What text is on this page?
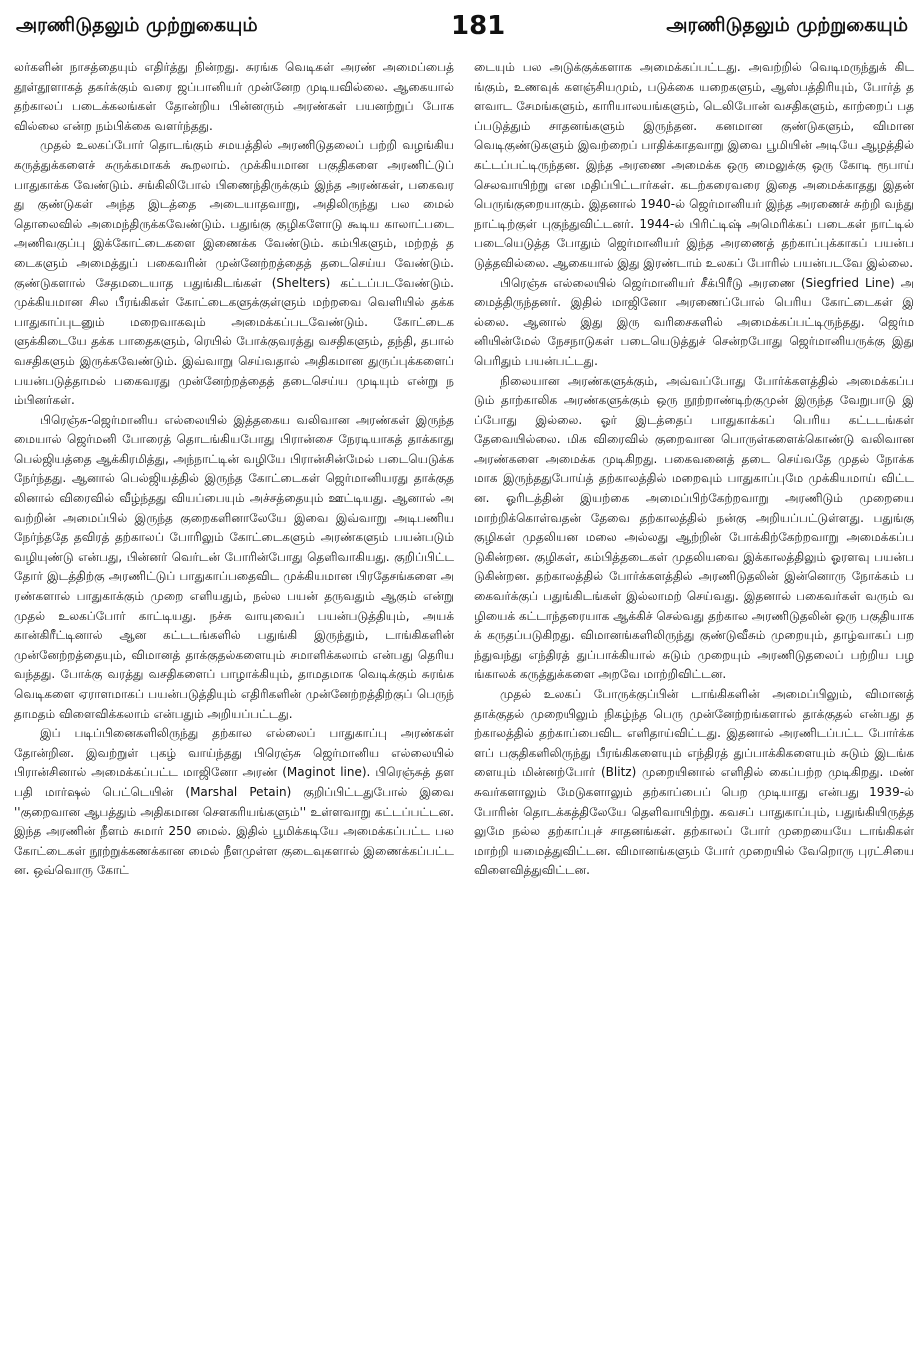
அரணிடுதலும் முற்றுகையும்	181	அரணிடுதலும் முற்றுகையும்

லர்களின் நாசத்தையும் எதிர்த்து நின்றது. சுரங்க வெடிகள் அரண் அமைப்பைத் தூள்தூளாகத் தகர்க்கும் வரை ஜப்பானியர் முன்னேற முடியவில்லை. ஆகையால் தற்காலப் படைக்கலங்கள் தோன்றிய பின்னரும் அரண்கள் பயனற்றுப் போகவில்லை என்ற நம்பிக்கை வளர்ந்தது.

முதல் உலகப்போர் தொடங்கும் சமயத்தில் அரணிடுதலைப் பற்றி வழங்கிய கருத்துக்களைச் சுருக்கமாகக் கூறலாம். முக்கியமான பகுதிகளை அரணிட்டுப் பாதுகாக்க வேண்டும். சங்கிலிபோல் பிணைந்திருக்கும் இந்த அரண்கள், பகைவரது குண்டுகள் அந்த இடத்தை அடையாதவாறு, அதிலிருந்து பல மைல் தொலைவில் அமைந்திருக்கவேண்டும். பதுங்கு குழிகளோடு கூடிய காலாட்படை அணிவகுப்பு இக்கோட்டைகளை இணைக்க வேண்டும். கம்பிகளும், மற்றத் தடைகளும் அமைத்துப் பகைவரின் முன்னேற்றத்தைத் தடைசெய்ய வேண்டும். குண்டுகளால் சேதமடையாத பதுங்கிடங்கள் (Shelters) கட்டப்படவேண்டும். முக்கியமான சில பீரங்கிகள் கோட்டைகளுக்குள்ளும் மற்றவை வெளியில் தக்க பாதுகாப்புடனும் மறைவாகவும் அமைக்கப்படவேண்டும். கோட்டைகளுக்கிடையே தக்க பாதைகளும், ரெயில் போக்குவரத்து வசதிகளும், தந்தி, தபால் வசதிகளும் இருக்கவேண்டும். இவ்வாறு செய்வதால் அதிகமான துருப்புக்களைப் பயன்படுத்தாமல் பகைவரது முன்னேற்றத்தைத் தடைசெய்ய முடியும் என்று நம்பினர்கள்.

பிரெஞ்சு-ஜெர்மானிய எல்லையில் இத்தகைய வலிவான அரண்கள் இருந்தமையால் ஜெர்மனி போரைத் தொடங்கியபோது பிரான்சை நேரடியாகத் தாக்காது பெல்ஜியத்தை ஆக்கிரமித்து, அந்நாட்டின் வழியே பிரான்சின்மேல் படையெடுக்க நேர்ந்தது. ஆனால் பெல்ஜியத்தில் இருந்த கோட்டைகள் ஜெர்மானியரது தாக்குதலினால் விரைவில் வீழ்ந்தது வியப்பையும் அச்சத்தையும் ஊட்டியது. ஆனால் அவற்றின் அமைப்பில் இருந்த குறைகளினாலேயே இவை இவ்வாறு அடிபணிய நேர்ந்ததே தவிரத் தற்காலப் போரிலும் கோட்டைகளும் அரண்களும் பயன்படும் வழியுண்டு என்பது, பின்னர் வெர்டன் போரின்போது தெளிவாகியது. குறிப்பிட்டதோர் இடத்திற்கு அரணிட்டுப் பாதுகாப்பதைவிட முக்கியமான பிரதேசங்களை அரண்களால் பாதுகாக்கும் முறை எளியதும், நல்ல பயன் தருவதும் ஆகும் என்று முதல் உலகப்போர் காட்டியது. நச்சு வாயுவைப் பயன்படுத்தியும், அயக் கான்கிரீட்டினால் ஆன கட்டடங்களில் பதுங்கி இருந்தும், டாங்கிகளின் முன்னேற்றத்தையும், விமானத் தாக்குதல்களையும் சமாளிக்கலாம் என்பது தெரியவந்தது. போக்கு வரத்து வசதிகளைப் பாழாக்கியும், தாமதமாக வெடிக்கும் சுரங்க வெடிகளை ஏராளமாகப் பயன்படுத்தியும் எதிரிகளின் முன்னேற்றத்திற்குப் பெருந் தாமதம் விளைவிக்கலாம் என்பதும் அறியப்பட்டது.

இப் படிப்பினைகளிலிருந்து தற்கால எல்லைப் பாதுகாப்பு அரண்கள் தோன்றின. இவற்றுள் புகழ் வாய்ந்தது பிரெஞ்சு ஜெர்மானிய எல்லையில் பிரான்சினால் அமைக்கப்பட்ட மாஜினோ அரண் (Maginot line). பிரெஞ்சுத் தளபதி மார்ஷல் பெட்டெயின் (Marshal Petain) குறிப்பிட்டதுபோல் இவை ''குறைவான ஆபத்தும் அதிகமான சௌகரியங்களும்'' உள்ளவாறு கட்டப்பட்டன. இந்த அரணின் நீளம் சுமார் 250 மைல். இதில் பூமிக்கடியே அமைக்கப்பட்ட பல கோட்டைகள் நூற்றுக்கணக்கான மைல் நீளமுள்ள குடைவுகளால் இணைக்கப்பட்டன. ஒவ்வொரு கோட்

டையும் பல அடுக்குக்களாக அமைக்கப்பட்டது. அவற்றில் வெடிமருந்துக் கிடங்கும், உணவுக் களஞ்சியமும், படுக்கை யறைகளும், ஆஸ்பத்திரியும், போர்த் தளவாட சேமங்களும், காரியாலயங்களும், டெலிபோன் வசதிகளும், காற்றைப் பதப்படுத்தும் சாதனங்களும் இருந்தன. கனமான குண்டுகளும், விமான வெடிகுண்டுகளும் இவற்றைப் பாதிக்காதவாறு இவை பூமியின் அடியே ஆழத்தில் கட்டப்பட்டிருந்தன. இந்த அரணை அமைக்க ஒரு மைலுக்கு ஒரு கோடி ரூபாய் செலவாயிற்று என மதிப்பிட்டார்கள். கடற்கரைவரை இதை அமைக்காதது இதன் பெருங்குறையாகும். இதனால் 1940-ல் ஜெர்மானியர் இந்த அரணைச் சுற்றி வந்து நாட்டிற்குள் புகுந்துவிட்டனர். 1944-ல் பிரிட்டிஷ் அமெரிக்கப் படைகள் நாட்டில் படையெடுத்த போதும் ஜெர்மானியர் இந்த அரணைத் தற்காப்புக்காகப் பயன்படுத்தவில்லை. ஆகையால் இது இரண்டாம் உலகப் போரில் பயன்படவே இல்லை.

பிரெஞ்சு எல்லையில் ஜெர்மானியர் சீக்பிரீடு அரணை (Siegfried Line) அமைத்திருந்தனர். இதில் மாஜினோ அரணைப்போல் பெரிய கோட்டைகள் இல்லை. ஆனால் இது இரு வரிசைகளில் அமைக்கப்பட்டிருந்தது. ஜெர்மனியின்மேல் நேசநாடுகள் படையெடுத்துச் சென்றபோது ஜெர்மானியருக்கு இது பெரிதும் பயன்பட்டது.

நிலையான அரண்களுக்கும், அவ்வப்போது போர்க்களத்தில் அமைக்கப்படும் தாற்காலிக அரண்களுக்கும் ஒரு நூற்றாண்டிற்குமுன் இருந்த வேறுபாடு இப்போது இல்லை. ஓர் இடத்தைப் பாதுகாக்கப் பெரிய கட்டடங்கள் தேவையில்லை. மிக விரைவில் குறைவான பொருள்களைக்கொண்டு வலிவான அரண்களை அமைக்க முடிகிறது. பகைவனைத் தடை செய்வதே முதல் நோக்கமாக இருந்ததுபோய்த் தற்காலத்தில் மறைவும் பாதுகாப்புமே முக்கியமாய் விட்டன. ஓரிடத்தின் இயற்கை அமைப்பிற்கேற்றவாறு அரணிடும் முறையை மாற்றிக்கொள்வதன் தேவை தற்காலத்தில் நன்கு அறியப்பட்டுள்ளது. பதுங்கு குழிகள் முதலியன மலை அல்லது ஆற்றின் போக்கிற்கேற்றவாறு அமைக்கப்படுகின்றன. குழிகள், கம்பித்தடைகள் முதலியவை இக்காலத்திலும் ஓரளவு பயன்படுகின்றன. தற்காலத்தில் போர்க்களத்தில் அரணிடுதலின் இன்னொரு நோக்கம் பகைவர்க்குப் பதுங்கிடங்கள் இல்லாமற் செய்வது. இதனால் பகைவர்கள் வரும் வழியைக் கட்டாந்தரையாக ஆக்கிச் செல்வது தற்கால அரணிடுதலின் ஒரு பகுதியாகக் கருதப்படுகிறது. விமானங்களிலிருந்து குண்டுவீசும் முறையும், தாழ்வாகப் பறந்துவந்து எந்திரத் துப்பாக்கியால் சுடும் முறையும் அரணிடுதலைப் பற்றிய பழங்காலக் கருத்துக்களை அறவே மாற்றிவிட்டன.

முதல் உலகப் போருக்குப்பின் டாங்கிகளின் அமைப்பிலும், விமானத் தாக்குதல் முறையிலும் நிகழ்ந்த பெரு முன்னேற்றங்களால் தாக்குதல் என்பது தற்காலத்தில் தற்காப்பைவிட எளிதாய்விட்டது. இதனால் அரணிடப்பட்ட போர்க்களப் பகுதிகளிலிருந்து பீரங்கிகளையும் எந்திரத் துப்பாக்கிகளையும் சுடும் இடங்களையும் மின்னற்போர் (Blitz) முறையினால் எளிதில் கைப்பற்ற முடிகிறது. மண் சுவர்களாலும் மேடுகளாலும் தற்காப்பைப் பெற முடியாது என்பது 1939-ல் போரின் தொடக்கத்திலேயே தெளிவாயிற்று. கவசப் பாதுகாப்பும், பதுங்கியிருத்தலுமே நல்ல தற்காப்புச் சாதனங்கள். தற்காலப் போர் முறையையே டாங்கிகள் மாற்றி யமைத்துவிட்டன. விமானங்களும் போர் முறையில் வேறொரு புரட்சியை விளைவித்துவிட்டன.
